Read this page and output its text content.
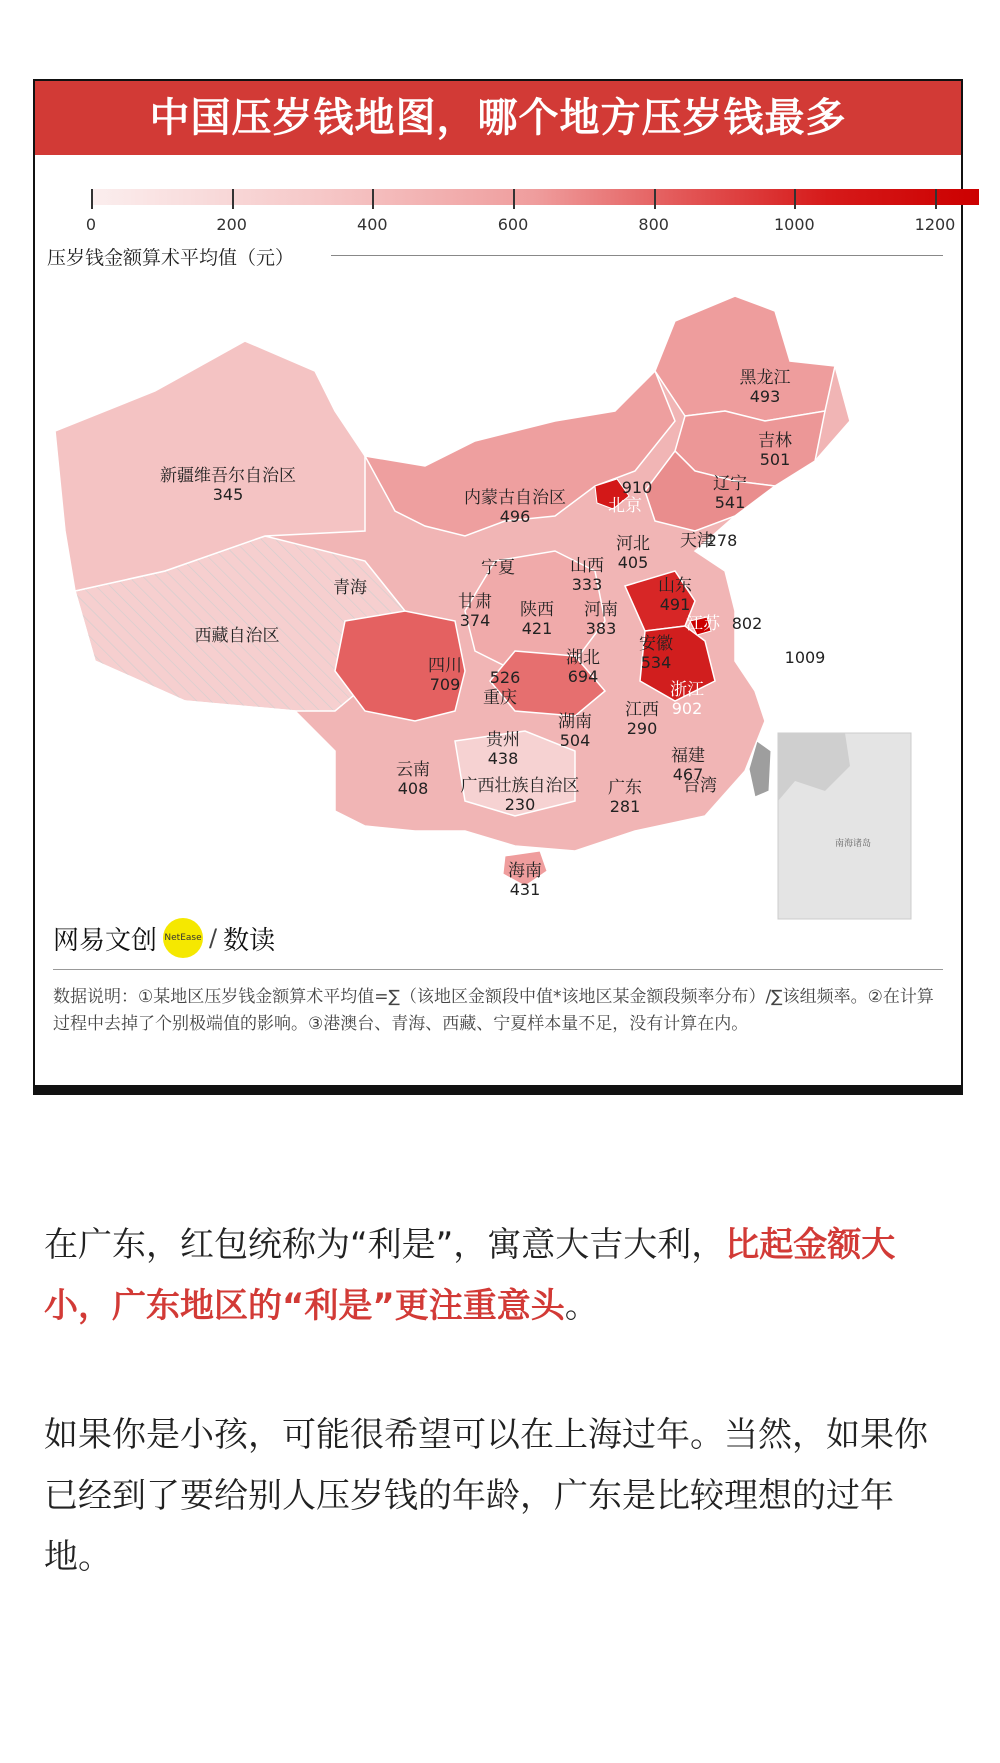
中国压岁钱地图，哪个地方压岁钱最多
0	200	400	600	800	1000	1200
压岁钱金额算术平均值（元）
南海诸岛
黑龙江
493
吉林
501
辽宁
541
内蒙古自治区
496
北京
910
天津
278
河北
405
山西
333	山东
491
宁夏
甘肃
374
陕西
421
河南
383	江苏 802
安徽
534	上海 1009
新疆维吾尔自治区
345
青海
西藏自治区
四川
709
重庆
526
湖北
694
浙江
902
湖南
504
江西
290
贵州
438	福建
467
云南
408 广西壮族自治区
230
广东
281
台湾
海南
431
网易文创 NetEase / 数读
数据说明：①某地区压岁钱金额算术平均值=∑（该地区金额段中值*该地区某金额段频率分布）/∑该组频率。②在计算过程中去掉了个别极端值的影响。③港澳台、青海、西藏、宁夏样本量不足，没有计算在内。

在广东，红包统称为“利是”，寓意大吉大利，比起金额大小，广东地区的“利是”更注重意头。

如果你是小孩，可能很希望可以在上海过年。当然，如果你已经到了要给别人压岁钱的年龄，广东是比较理想的过年地。
